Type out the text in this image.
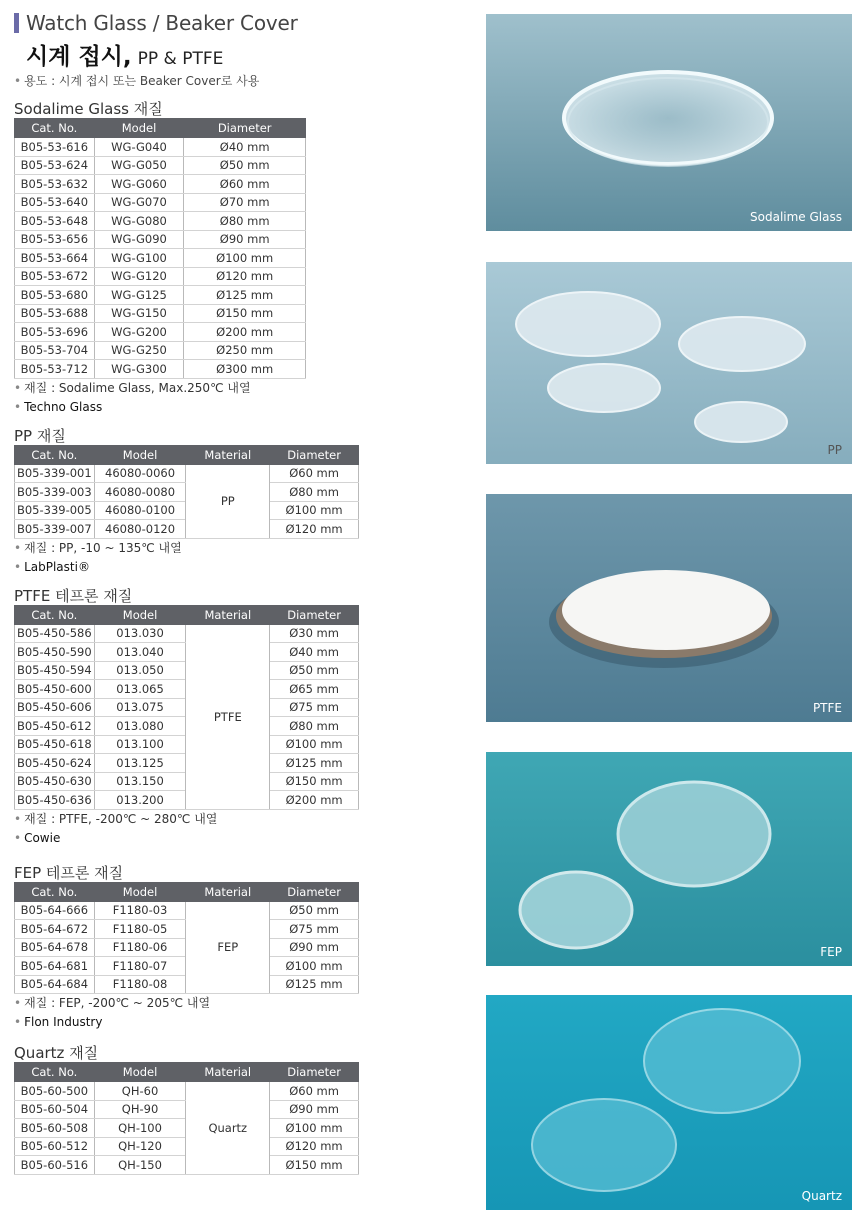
Watch Glass / Beaker Cover
시계 접시, PP & PTFE
• 용도 : 시계 접시 또는 Beaker Cover로 사용
Sodalime Glass 재질
Cat. No.	Model	Diameter
B05-53-616	WG-G040	Ø40 mm
B05-53-624	WG-G050	Ø50 mm
B05-53-632	WG-G060	Ø60 mm
B05-53-640	WG-G070	Ø70 mm
B05-53-648	WG-G080	Ø80 mm
B05-53-656	WG-G090	Ø90 mm
B05-53-664	WG-G100	Ø100 mm
B05-53-672	WG-G120	Ø120 mm
B05-53-680	WG-G125	Ø125 mm
B05-53-688	WG-G150	Ø150 mm
B05-53-696	WG-G200	Ø200 mm
B05-53-704	WG-G250	Ø250 mm
B05-53-712	WG-G300	Ø300 mm
• 재질 : Sodalime Glass, Max.250℃ 내열
• Techno Glass
PP 재질
Cat. No.	Model	Material	Diameter
B05-339-001	46080-0060	PP	Ø60 mm
B05-339-003	46080-0080		Ø80 mm
B05-339-005	46080-0100		Ø100 mm
B05-339-007	46080-0120		Ø120 mm
• 재질 : PP, -10 ~ 135℃ 내열
• LabPlasti®
PTFE 테프론 재질
Cat. No.	Model	Material	Diameter
B05-450-586	013.030	PTFE	Ø30 mm
B05-450-590	013.040		Ø40 mm
B05-450-594	013.050		Ø50 mm
B05-450-600	013.065		Ø65 mm
B05-450-606	013.075		Ø75 mm
B05-450-612	013.080		Ø80 mm
B05-450-618	013.100		Ø100 mm
B05-450-624	013.125		Ø125 mm
B05-450-630	013.150		Ø150 mm
B05-450-636	013.200		Ø200 mm
• 재질 : PTFE, -200℃ ~ 280℃ 내열
• Cowie
FEP 테프론 재질
Cat. No.	Model	Material	Diameter
B05-64-666	F1180-03	FEP	Ø50 mm
B05-64-672	F1180-05		Ø75 mm
B05-64-678	F1180-06		Ø90 mm
B05-64-681	F1180-07		Ø100 mm
B05-64-684	F1180-08		Ø125 mm
• 재질 : FEP, -200℃ ~ 205℃ 내열
• Flon Industry
Quartz 재질
Cat. No.	Model	Material	Diameter
B05-60-500	QH-60	Quartz	Ø60 mm
B05-60-504	QH-90		Ø90 mm
B05-60-508	QH-100		Ø100 mm
B05-60-512	QH-120		Ø120 mm
B05-60-516	QH-150		Ø150 mm
Sodalime Glass
PP
PTFE
FEP
Quartz
